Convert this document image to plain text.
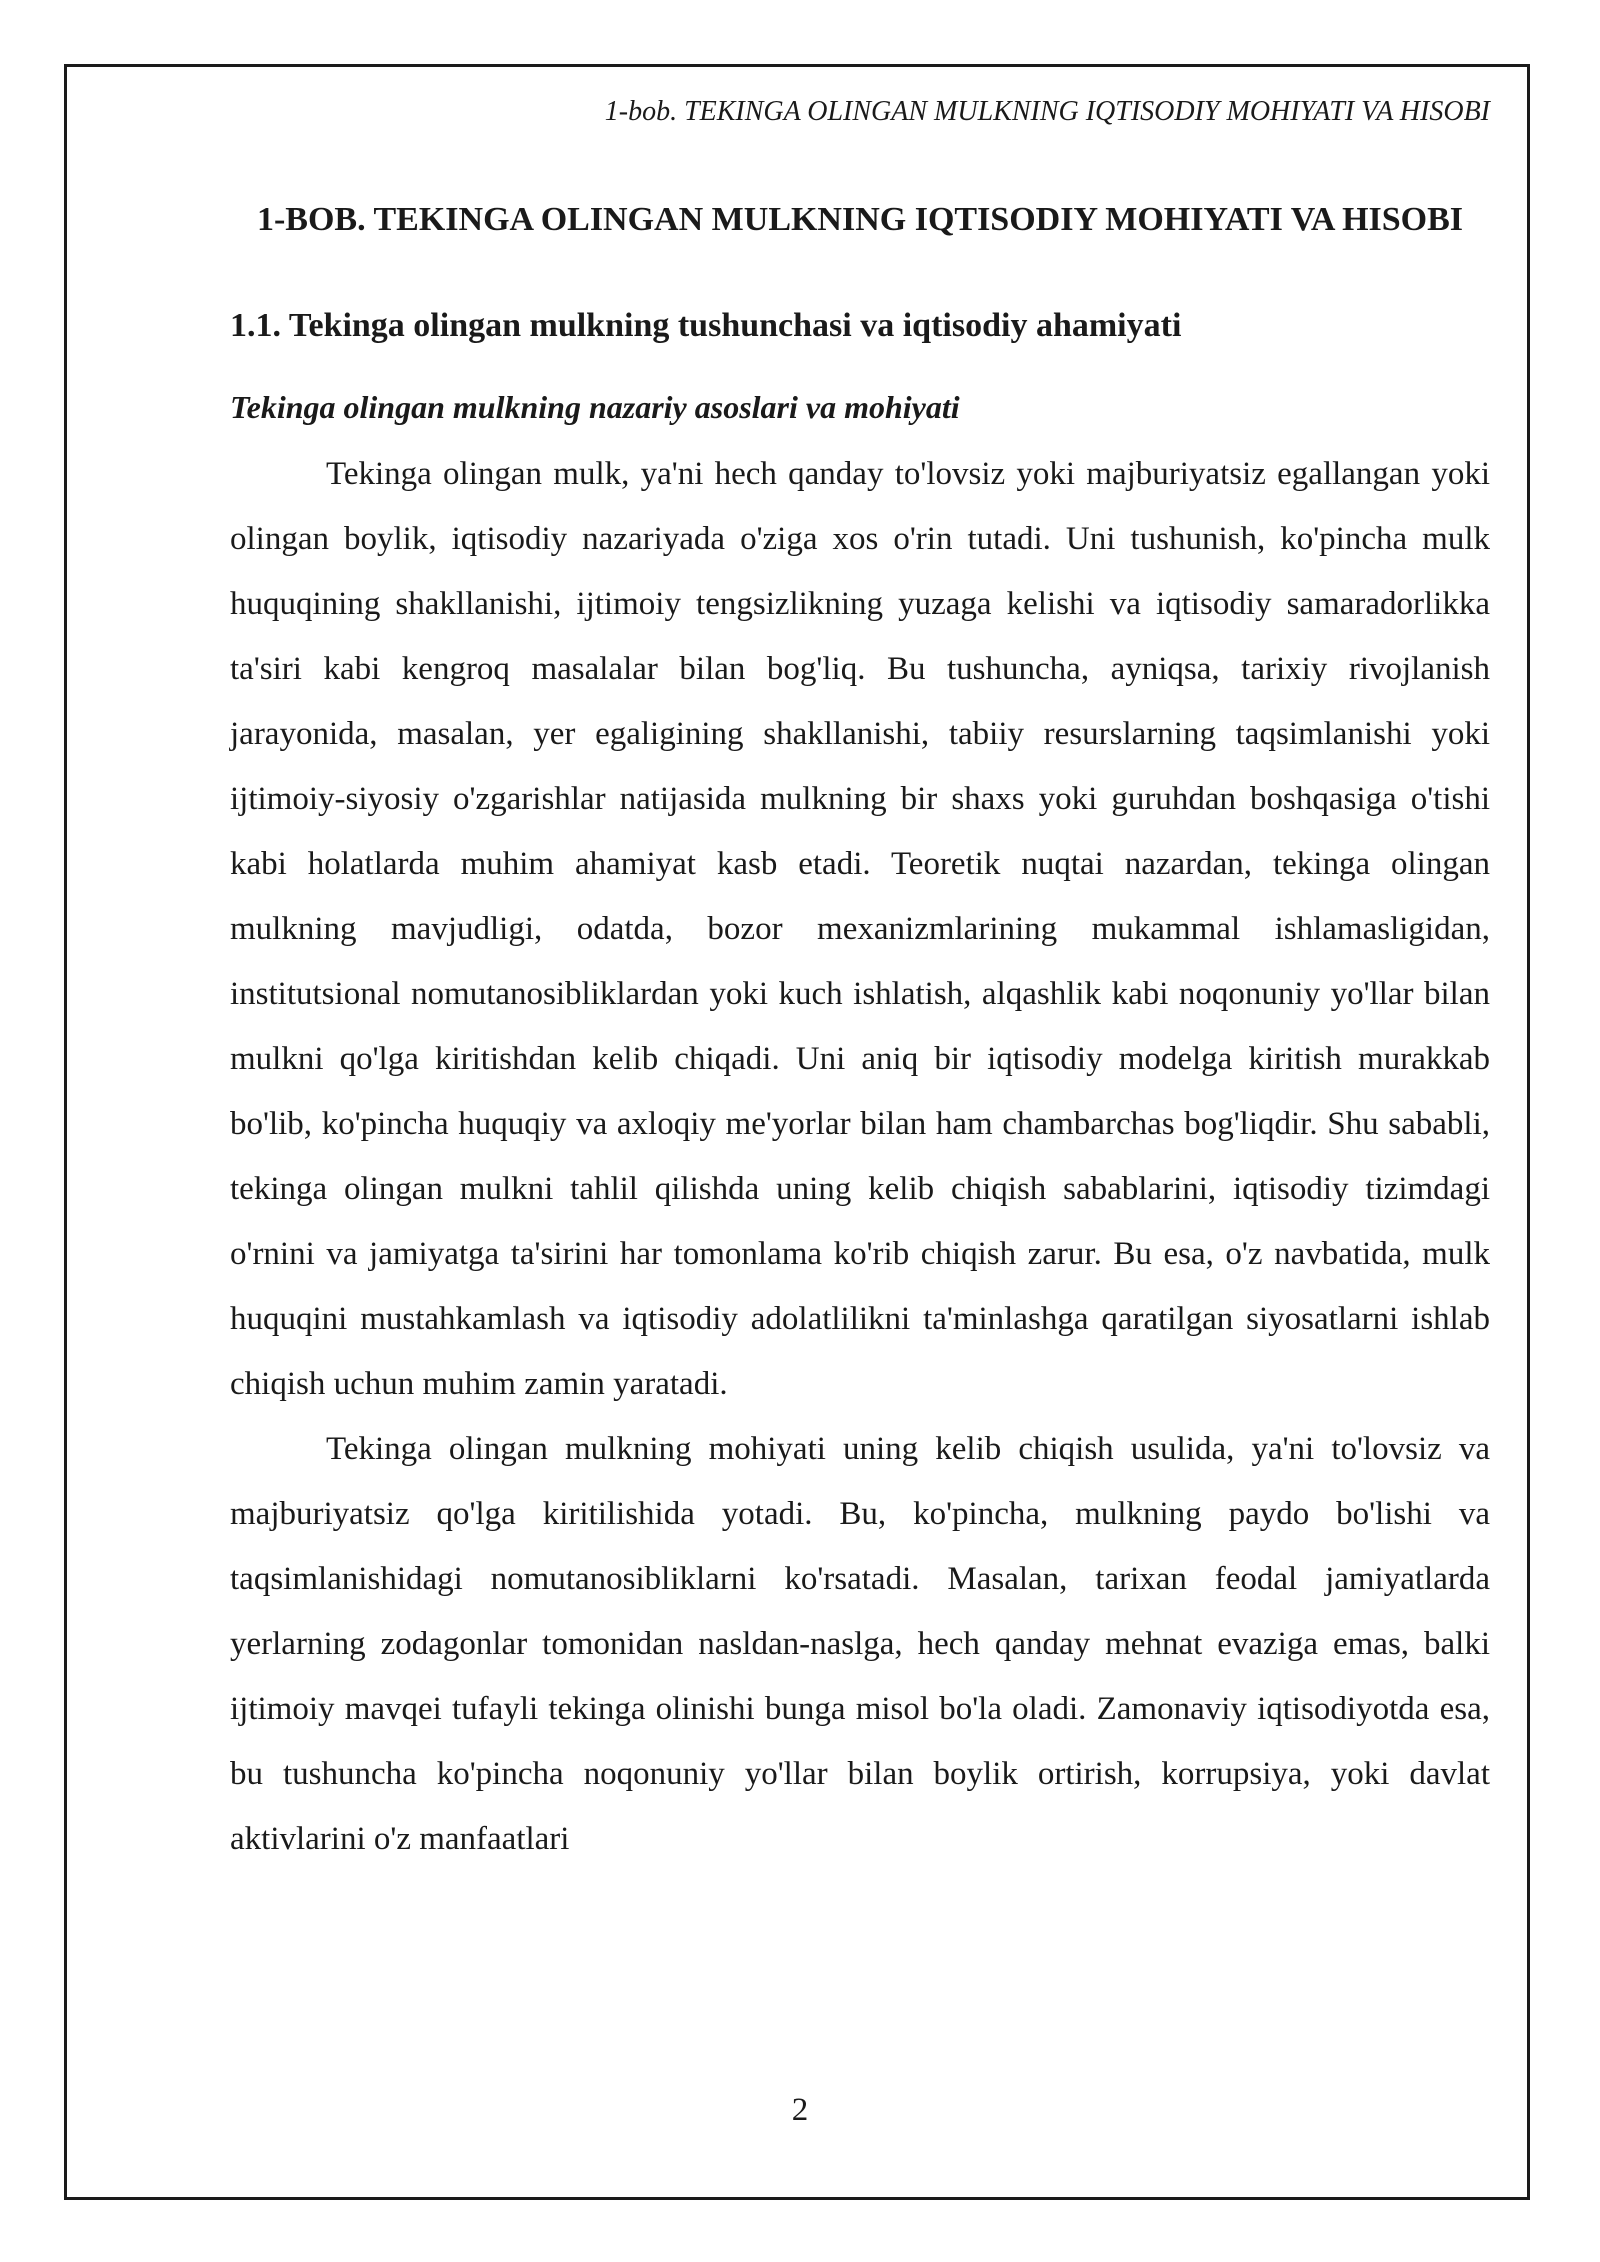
1-bob. TEKINGA OLINGAN MULKNING IQTISODIY MOHIYATI VA HISOBI

1-BOB. TEKINGA OLINGAN MULKNING IQTISODIY MOHIYATI VA HISOBI
1.1. Tekinga olingan mulkning tushunchasi va iqtisodiy ahamiyati
Tekinga olingan mulkning nazariy asoslari va mohiyati

Tekinga olingan mulk, ya'ni hech qanday to'lovsiz yoki majburiyatsiz egallangan yoki olingan boylik, iqtisodiy nazariyada o'ziga xos o'rin tutadi. Uni tushunish, ko'pincha mulk huquqining shakllanishi, ijtimoiy tengsizlikning yuzaga kelishi va iqtisodiy samaradorlikka ta'siri kabi kengroq masalalar bilan bog'liq. Bu tushuncha, ayniqsa, tarixiy rivojlanish jarayonida, masalan, yer egaligining shakllanishi, tabiiy resurslarning taqsimlanishi yoki ijtimoiy-siyosiy o'zgarishlar natijasida mulkning bir shaxs yoki guruhdan boshqasiga o'tishi kabi holatlarda muhim ahamiyat kasb etadi. Teoretik nuqtai nazardan, tekinga olingan mulkning mavjudligi, odatda, bozor mexanizmlarining mukammal ishlamasligidan, institutsional nomutanosibliklardan yoki kuch ishlatish, alqashlik kabi noqonuniy yo'llar bilan mulkni qo'lga kiritishdan kelib chiqadi. Uni aniq bir iqtisodiy modelga kiritish murakkab bo'lib, ko'pincha huquqiy va axloqiy me'yorlar bilan ham chambarchas bog'liqdir. Shu sababli, tekinga olingan mulkni tahlil qilishda uning kelib chiqish sabablarini, iqtisodiy tizimdagi o'rnini va jamiyatga ta'sirini har tomonlama ko'rib chiqish zarur. Bu esa, o'z navbatida, mulk huquqini mustahkamlash va iqtisodiy adolatlilikni ta'minlashga qaratilgan siyosatlarni ishlab chiqish uchun muhim zamin yaratadi.

Tekinga olingan mulkning mohiyati uning kelib chiqish usulida, ya'ni to'lovsiz va majburiyatsiz qo'lga kiritilishida yotadi. Bu, ko'pincha, mulkning paydo bo'lishi va taqsimlanishidagi nomutanosibliklarni ko'rsatadi. Masalan, tarixan feodal jamiyatlarda yerlarning zodagonlar tomonidan nasldan-naslga, hech qanday mehnat evaziga emas, balki ijtimoiy mavqei tufayli tekinga olinishi bunga misol bo'la oladi. Zamonaviy iqtisodiyotda esa, bu tushuncha ko'pincha noqonuniy yo'llar bilan boylik ortirish, korrupsiya, yoki davlat aktivlarini o'z manfaatlari

2
